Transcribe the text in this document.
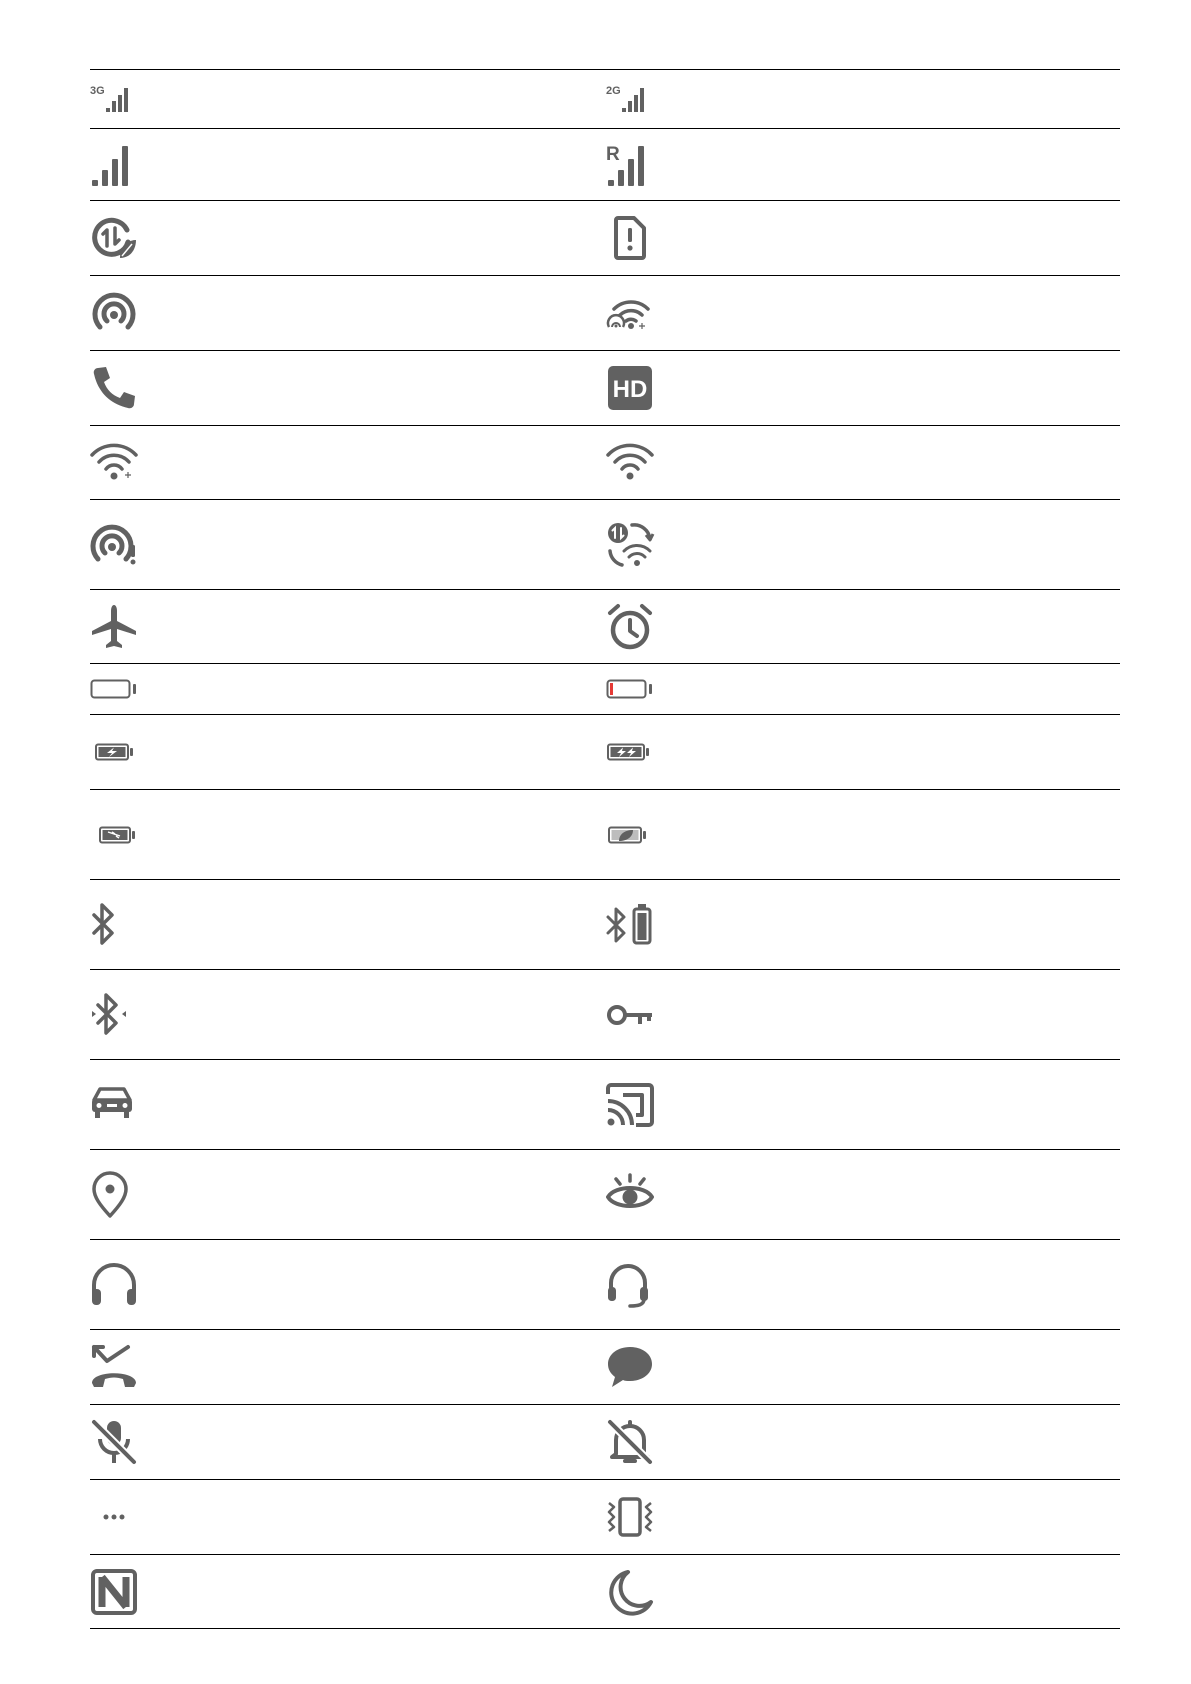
3G	2G
R
HD
